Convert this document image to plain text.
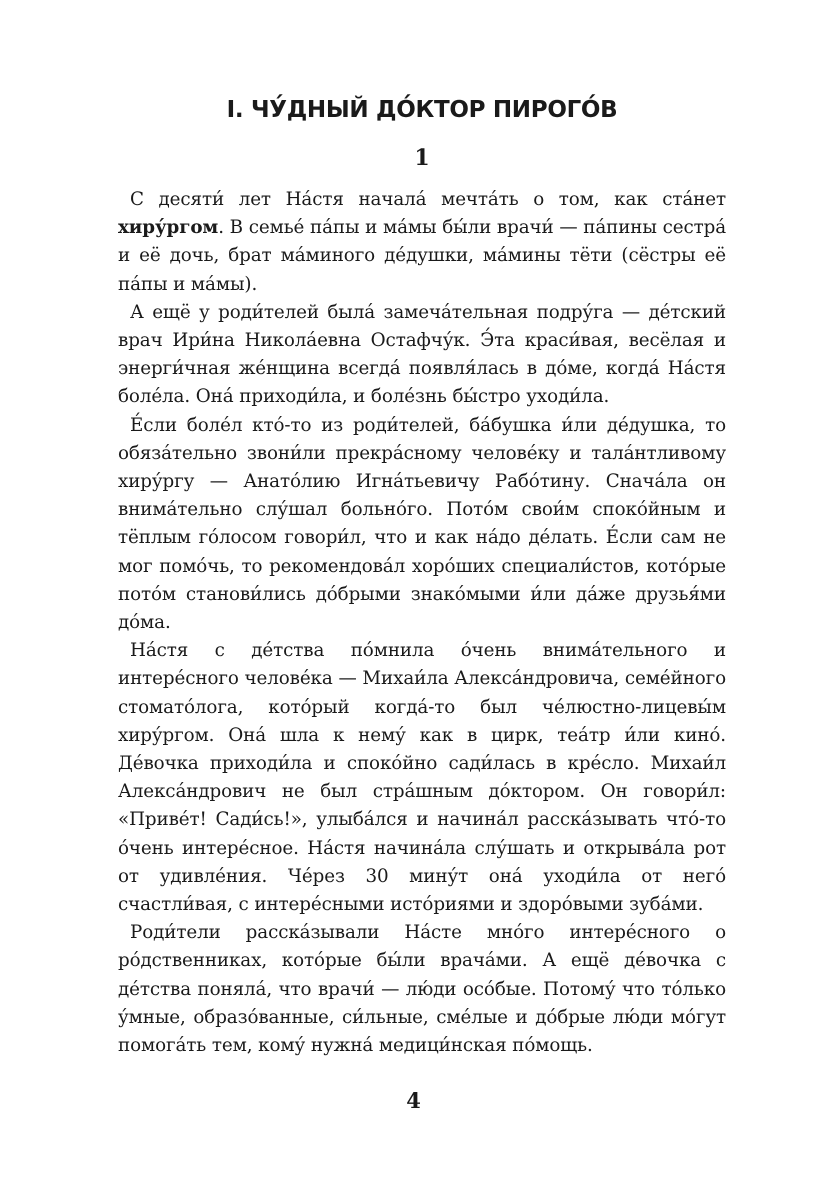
I. ЧУ́ДНЫЙ ДО́КТОР ПИРОГО́В
1

С десяти́ лет На́стя начала́ мечта́ть о том, как ста́нет хиру́ргом. В семье́ па́пы и ма́мы бы́ли врачи́ — па́пины сестра́ и её дочь, брат ма́миного де́душки, ма́мины тёти (сёстры её па́пы и ма́мы).

А ещё у роди́телей была́ замеча́тельная подру́га — де́тский врач Ири́на Никола́евна Остафчу́к. Э́та краси́вая, весёлая и энерги́чная же́нщина всегда́ появля́лась в до́ме, когда́ На́стя боле́ла. Она́ приходи́ла, и боле́знь бы́стро уходи́ла.

Е́сли боле́л кто́-то из роди́телей, ба́бушка и́ли де́душка, то обяза́тельно звони́ли прекра́сному челове́ку и тала́нтливому хиру́ргу — Анато́лию Игна́тьевичу Рабо́тину. Снача́ла он внима́тельно слу́шал больно́го. Пото́м свои́м споко́йным и тёплым го́лосом говори́л, что и как на́до де́лать. Е́сли сам не мог помо́чь, то рекомендова́л хоро́ших специали́стов, кото́рые пото́м станови́лись до́брыми знако́мыми и́ли да́же друзья́ми до́ма.

На́стя с де́тства по́мнила о́чень внима́тельного и интере́сного челове́ка — Михаи́ла Алекса́ндровича, семе́йного стомато́лога, кото́рый когда́-то был че́люстно-лицевы́м хиру́ргом. Она́ шла к нему́ как в цирк, теа́тр и́ли кино́. Де́вочка приходи́ла и споко́йно сади́лась в кре́сло. Михаи́л Алекса́ндрович не был стра́шным до́ктором. Он говори́л: «Приве́т! Сади́сь!», улыба́лся и начина́л расска́зывать что́-то о́чень интере́сное. На́стя начина́ла слу́шать и открыва́ла рот от удивле́ния. Че́рез 30 мину́т она́ уходи́ла от него́ счастли́вая, с интере́сными исто́риями и здоро́выми зуба́ми.

Роди́тели расска́зывали На́сте мно́го интере́сного о ро́дственниках, кото́рые бы́ли врача́ми. А ещё де́вочка с де́тства поняла́, что врачи́ — лю́ди осо́бые. Потому́ что то́лько у́мные, образо́ванные, си́льные, сме́лые и до́брые лю́ди мо́гут помога́ть тем, кому́ нужна́ медици́нская по́мощь.

4
